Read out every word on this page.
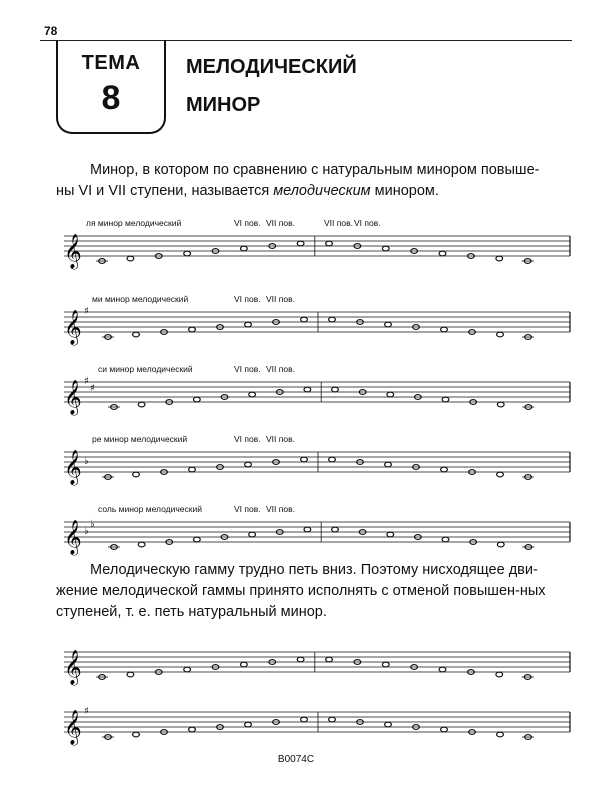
78
ТЕМА
8
МЕЛОДИЧЕСКИЙ
МИНОР
Минор, в котором по сравнению с натуральным минором повыше-ны VI и VII ступени, называется мелодическим минором.
𝄞
ля минор мелодический	VI пов. VII пов.	VII пов. VI пов.
𝄞 ♯
ми минор мелодический	VI пов. VII пов.
𝄞 ♯
♯
си минор мелодический	VI пов. VII пов.
𝄞 ♭
ре минор мелодический	VI пов. VII пов.
𝄞 ♭
♭
соль минор мелодический	VI пов. VII пов.
Мелодическую гамму трудно петь вниз. Поэтому нисходящее дви-жение мелодической гаммы принято исполнять с отменой повышен-ных ступеней, т. е. петь натуральный минор.
𝄞
𝄞 ♯
В0074С
